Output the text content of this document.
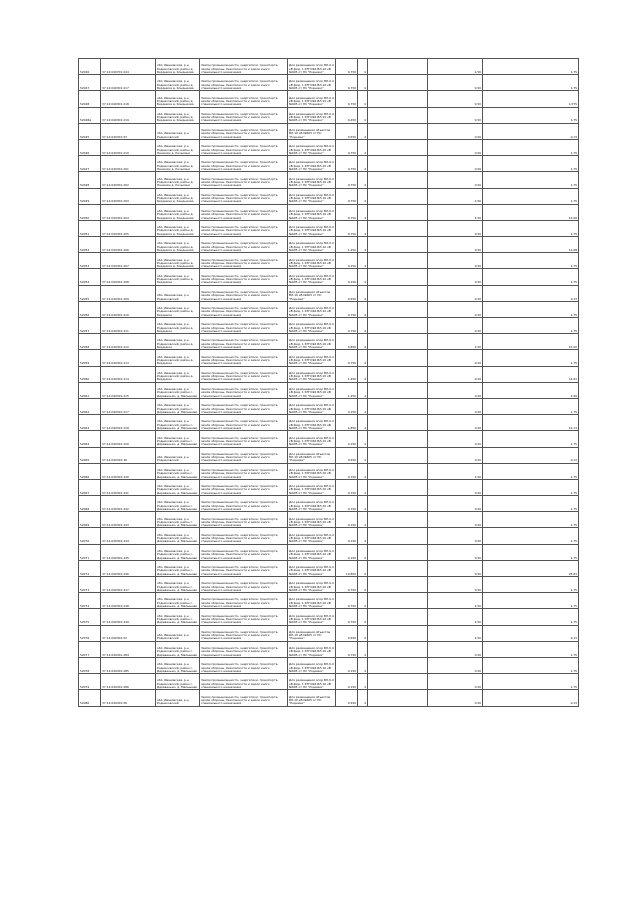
52046	37:14:040701:244	обл. Ивановская, р-н Родниковский, район д. Бердниха д. Кондыкова	Земли промышленности, энергетики, транспорта, земли обороны, безопасности и земли иного специального назначения	Для размещения опор ВЛ-0,4 кВ фид. 1 КТП №6 ВЛ-10 кВ №605 от ПС "Родники"	0,750	4		2,50	1,75
52047	37:14:040301:217	обл. Ивановская, р-н Родниковский, район д. Бердниха д. Кондыкова	Земли промышленности, энергетики, транспорта, земли обороны, безопасности и земли иного специального назначения	Для размещения опор ВЛ-0,4 кВ фид. 1 КТП №6 ВЛ-10 кВ №605 от ПС "Родники"	0,750	4		0,50	1,75
52048	37:14:040301:218	обл. Ивановская, р-н Родниковский, район д. Бердниха д. Кондыкова	Земли промышленности, энергетики, транспорта, земли обороны, безопасности и земли иного специального назначения	Для размещения опор ВЛ-0,4 кВ фид. 1 КТП №6 ВЛ-10 кВ №605 от ПС "Родники"	0,750	4		0,50	1,575
52048д	37:14:040301:219	обл. Ивановская, р-н Родниковский, район д. Бердниха д. Кондыкова	Земли промышленности, энергетики, транспорта, земли обороны, безопасности и земли иного специального назначения	Для размещения опор ВЛ-0,4 кВ фид. 1 КТП №6 ВЛ-10 кВ №605 от ПС "Родники"	0,450	4		0,50	1,75
52045	37:14:040301:53	обл. Ивановская, р-н Родниковский	Земли промышленности, энергетики, транспорта, земли обороны, безопасности и земли иного специального назначения	Для размещения объектов ВЛ-10 кВ №605 от ПС "Родники"	0,550	4		0,50	0,13
52046	37:14:040301:210	обл. Ивановская, р-н Родниковский, район д. Пешково д. Козьмино	Земли промышленности, энергетики, транспорта, земли обороны, безопасности и земли иного специального назначения	Для размещения опор ВЛ-0,4 кВ фид. 1 КТП №6 ВЛ-10 кВ №605 от ПС "Родники"	0,750	4		0,50	1,75
52047	37:14:040301:201	обл. Ивановская, р-н Родниковский, район д. Пешково д. Козьмино	Земли промышленности, энергетики, транспорта, земли обороны, безопасности и земли иного специального назначения	Для размещения опор ВЛ-0,4 кВ фид. 1 КТП №6 ВЛ-10 кВ №605 от ПС "Родники"	0,750	4		0,50	1,75
52048	37:14:040301:202	обл. Ивановская, р-н Родниковский, район д. Пешково д. Козьмино	Земли промышленности, энергетики, транспорта, земли обороны, безопасности и земли иного специального назначения	Для размещения опор ВЛ-0,4 кВ фид. 1 КТП №6 ВЛ-10 кВ №605 от ПС "Родники"	0,750	4		0,50	1,75
52049	37:14:040301:203	обл. Ивановская, р-н Родниковский, район д. Бердниха д. Кондыкова	Земли промышленности, энергетики, транспорта, земли обороны, безопасности и земли иного специального назначения	Для размещения опор ВЛ-0,4 кВ фид. 1 КТП №6 ВЛ-10 кВ №605 от ПС "Родники"	0,750	4		2,50	1,75
52050	37:14:040301:204	обл. Ивановская, р-н Родниковский, район д. Бердниха д. Кондыкова	Земли промышленности, энергетики, транспорта, земли обороны, безопасности и земли иного специального назначения	Для размещения опор ВЛ-0,4 кВ фид. 1 КТП №6 ВЛ-10 кВ №605 от ПС "Родники"	0,750	4		2,50	14,00
52051	37:14:040301:205	обл. Ивановская, р-н Родниковский, район д. Бердниха д. Кондыкова	Земли промышленности, энергетики, транспорта, земли обороны, безопасности и земли иного специального назначения	Для размещения опор ВЛ-0,4 кВ фид. 1 КТП №6 ВЛ-10 кВ №605 от ПС "Родники"	0,750	4		0,50	1,75
52052	37:14:040301:206	обл. Ивановская, р-н Родниковский, район д. Бердниха д. Кондыкова	Земли промышленности, энергетики, транспорта, земли обороны, безопасности и земли иного специального назначения	Для размещения опор ВЛ-0,4 кВ фид. 1 КТП №6 ВЛ-10 кВ №605 от ПС "Родники"	1,450	4		0,50	14,68
52053	37:14:040301:207	обл. Ивановская, р-н Родниковский, район д. Бердниха д. Кондыкова	Земли промышленности, энергетики, транспорта, земли обороны, безопасности и земли иного специального назначения	Для размещения опор ВЛ-0,4 кВ фид. 1 КТП №6 ВЛ-10 кВ №605 от ПС "Родники"	0,150	4		0,50	1,75
52054	37:14:040301:208	обл. Ивановская, р-н Родниковский, район д. Бердниха	Земли промышленности, энергетики, транспорта, земли обороны, безопасности и земли иного специального назначения	Для размещения опор ВЛ-0,4 кВ фид. 1 КТП №6 ВЛ-10 кВ №605 от ПС "Родники"	0,150	4		0,50	1,75
52055	37:14:040301:209	обл. Ивановская, р-н Родниковский	Земли промышленности, энергетики, транспорта, земли обороны, безопасности и земли иного специального назначения	Для размещения объектов ВЛ-10 кВ №605 от ПС "Родники"	0,550	4		0,50	0,13
52056	37:14:040301:210	обл. Ивановская, р-н Родниковский, район д. Бердниха	Земли промышленности, энергетики, транспорта, земли обороны, безопасности и земли иного специального назначения	Для размещения опор ВЛ-0,4 кВ фид. 1 КТП №6 ВЛ-10 кВ №605 от ПС "Родники"	0,750	4		0,50	1,75
52057	37:14:040301:211	обл. Ивановская, р-н Родниковский, район д. Бердниха	Земли промышленности, энергетики, транспорта, земли обороны, безопасности и земли иного специального назначения	Для размещения опор ВЛ-0,4 кВ фид. 1 КТП №6 ВЛ-10 кВ №605 от ПС "Родники"	0,750	4		0,50	1,75
52058	37:14:040301:212	обл. Ивановская, р-н Родниковский, район д. Бердниха	Земли промышленности, энергетики, транспорта, земли обороны, безопасности и земли иного специального назначения	Для размещения опор ВЛ-0,4 кВ фид. 1 КТП №6 ВЛ-10 кВ №605 от ПС "Родники"	0,850	4		2,50	15,00
52059	37:14:040301:213	обл. Ивановская, р-н Родниковский, район д. Бердниха	Земли промышленности, энергетики, транспорта, земли обороны, безопасности и земли иного специального назначения	Для размещения опор ВЛ-0,4 кВ фид. 1 КТП №6 ВЛ-10 кВ №605 от ПС "Родники"	0,750	4		0,50	1,75
52060	37:14:040301:214	обл. Ивановская, р-н Родниковский, район д. Бердниха	Земли промышленности, энергетики, транспорта, земли обороны, безопасности и земли иного специального назначения	Для размещения опор ВЛ-0,4 кВ фид. 1 КТП №6 ВЛ-10 кВ №605 от ПС "Родники"	1,450	4		0,50	14,61
52061	37:14:040301:215	обл. Ивановская, р-н Родниковский, район с. Деревеньки, д. Малышево	Земли промышленности, энергетики, транспорта, земли обороны, безопасности и земли иного специального назначения	Для размещения опор ВЛ-0,4 кВ фид. 1 КТП №6 ВЛ-10 кВ №605 от ПС "Родники"	1,450	4		0,50	2,50
52062	37:14:040301:217	обл. Ивановская, р-н Родниковский, район с. Деревеньки, д. Малышево	Земли промышленности, энергетики, транспорта, земли обороны, безопасности и земли иного специального назначения	Для размещения опор ВЛ-0,4 кВ фид. 1 КТП №6 ВЛ-10 кВ №605 от ПС "Родники"	0,150	4		0,50	1,75
52063	37:14:040301:218	обл. Ивановская, р-н Родниковский, район с. Деревеньки, д. Малышево	Земли промышленности, энергетики, транспорта, земли обороны, безопасности и земли иного специального назначения	Для размещения опор ВЛ-0,4 кВ фид. 1 КТП №6 ВЛ-10 кВ №605 от ПС "Родники"	4,850	4		0,50	12,13
52064	37:14:040301:220	обл. Ивановская, р-н Родниковский, район с. Деревеньки, д. Малышево	Земли промышленности, энергетики, транспорта, земли обороны, безопасности и земли иного специального назначения	Для размещения опор ВЛ-0,4 кВ фид. 1 КТП №6 ВЛ-10 кВ №605 от ПС "Родники"	0,150	4		0,50	1,75
52065	37:14:040301:36	обл. Ивановская, р-н Родниковский	Земли промышленности, энергетики, транспорта, земли обороны, безопасности и земли иного специального назначения	Для размещения объектов ВЛ-10 кВ №605 от ПС "Родники"	0,550	4		0,50	0,13
52066	37:14:040301:240	обл. Ивановская, р-н Родниковский, район с. Деревеньки, д. Малышево	Земли промышленности, энергетики, транспорта, земли обороны, безопасности и земли иного специального назначения	Для размещения опор ВЛ-0,4 кВ фид. 1 КТП №6 ВЛ-10 кВ №605 от ПС "Родники"	0,750	4		2,50	1,75
52067	37:14:040301:241	обл. Ивановская, р-н Родниковский, район с. Деревеньки, д. Малышево	Земли промышленности, энергетики, транспорта, земли обороны, безопасности и земли иного специального назначения	Для размещения опор ВЛ-0,4 кВ фид. 1 КТП №6 ВЛ-10 кВ №605 от ПС "Родники"	0,750	4		0,50	1,75
52068	37:14:040301:242	обл. Ивановская, р-н Родниковский, район с. Деревеньки, д. Малышево	Земли промышленности, энергетики, транспорта, земли обороны, безопасности и земли иного специального назначения	Для размещения опор ВЛ-0,4 кВ фид. 1 КТП №6 ВЛ-10 кВ №605 от ПС "Родники"	0,750	4		0,50	1,75
52069	37:14:040301:243	обл. Ивановская, р-н Родниковский, район с. Деревеньки, д. Малышево	Земли промышленности, энергетики, транспорта, земли обороны, безопасности и земли иного специального назначения	Для размещения опор ВЛ-0,4 кВ фид. 1 КТП №6 ВЛ-10 кВ №605 от ПС "Родники"	0,150	4		0,50	1,75
52070	37:14:040301:244	обл. Ивановская, р-н Родниковский, район с. Деревеньки, д. Малышево	Земли промышленности, энергетики, транспорта, земли обороны, безопасности и земли иного специального назначения	Для размещения опор ВЛ-0,4 кВ фид. 1 КТП №6 ВЛ-10 кВ №605 от ПС "Родники"	0,150	4		0,50	1,75
52071	37:14:040301:245	обл. Ивановская, р-н Родниковский, район с. Деревеньки, д. Малышево	Земли промышленности, энергетики, транспорта, земли обороны, безопасности и земли иного специального назначения	Для размещения опор ВЛ-0,4 кВ фид. 1 КТП №6 ВЛ-10 кВ №605 от ПС "Родники"	0,150	4		0,50	1,75
52072	37:14:040301:246	обл. Ивановская, р-н Родниковский, район с. Деревеньки, д. Малышево	Земли промышленности, энергетики, транспорта, земли обороны, безопасности и земли иного специального назначения	Для размещения опор ВЛ-0,4 кВ фид. 1 КТП №6 ВЛ-10 кВ №605 от ПС "Родники"	10,850	4		0,50	25,63
52073	37:14:040301:247	обл. Ивановская, р-н Родниковский, район с. Деревеньки, д. Малышево	Земли промышленности, энергетики, транспорта, земли обороны, безопасности и земли иного специального назначения	Для размещения опор ВЛ-0,4 кВ фид. 1 КТП №6 ВЛ-10 кВ №605 от ПС "Родники"	0,750	4		0,50	1,75
52074	37:14:040301:248	обл. Ивановская, р-н Родниковский, район с. Деревеньки, д. Малышево	Земли промышленности, энергетики, транспорта, земли обороны, безопасности и земли иного специального назначения	Для размещения опор ВЛ-0,4 кВ фид. 1 КТП №6 ВЛ-10 кВ №605 от ПС "Родники"	0,750	4		2,50	1,75
52075	37:14:040301:249	обл. Ивановская, р-н Родниковский, район с. Деревеньки, д. Малышево	Земли промышленности, энергетики, транспорта, земли обороны, безопасности и земли иного специального назначения	Для размещения опор ВЛ-0,4 кВ фид. 1 КТП №6 ВЛ-10 кВ №605 от ПС "Родники"	0,750	4		2,50	1,75
52076	37:14:040301:52	обл. Ивановская, р-н Родниковский	Земли промышленности, энергетики, транспорта, земли обороны, безопасности и земли иного специального назначения	Для размещения объектов ВЛ-10 кВ №605 от ПС "Родники"	0,550	4		2,50	0,13
52077	37:14:040301:284	обл. Ивановская, р-н Родниковский, район с. Деревеньки, д. Малышево	Земли промышленности, энергетики, транспорта, земли обороны, безопасности и земли иного специального назначения	Для размещения опор ВЛ-0,4 кВ фид. 1 КТП №6 ВЛ-10 кВ №605 от ПС "Родники"	0,750	4		0,50	1,75
52078	37:14:040301:285	обл. Ивановская, р-н Родниковский, район с. Деревеньки, д. Малышево	Земли промышленности, энергетики, транспорта, земли обороны, безопасности и земли иного специального назначения	Для размещения опор ВЛ-0,4 кВ фид. 1 КТП №6 ВЛ-10 кВ №605 от ПС "Родники"	0,150	4		0,50	1,75
52079	37:14:040301:286	обл. Ивановская, р-н Родниковский, район с. Деревеньки, д. Малышево	Земли промышленности, энергетики, транспорта, земли обороны, безопасности и земли иного специального назначения	Для размещения опор ВЛ-0,4 кВ фид. 1 КТП №6 ВЛ-10 кВ №605 от ПС "Родники"	0,150	4		0,50	1,75
52080	37:14:040301:56	обл. Ивановская, р-н Родниковский	Земли промышленности, энергетики, транспорта, земли обороны, безопасности и земли иного специального назначения	Для размещения объектов ВЛ-10 кВ №605 от ПС "Родники"	0,550	4		0,50	0,13
